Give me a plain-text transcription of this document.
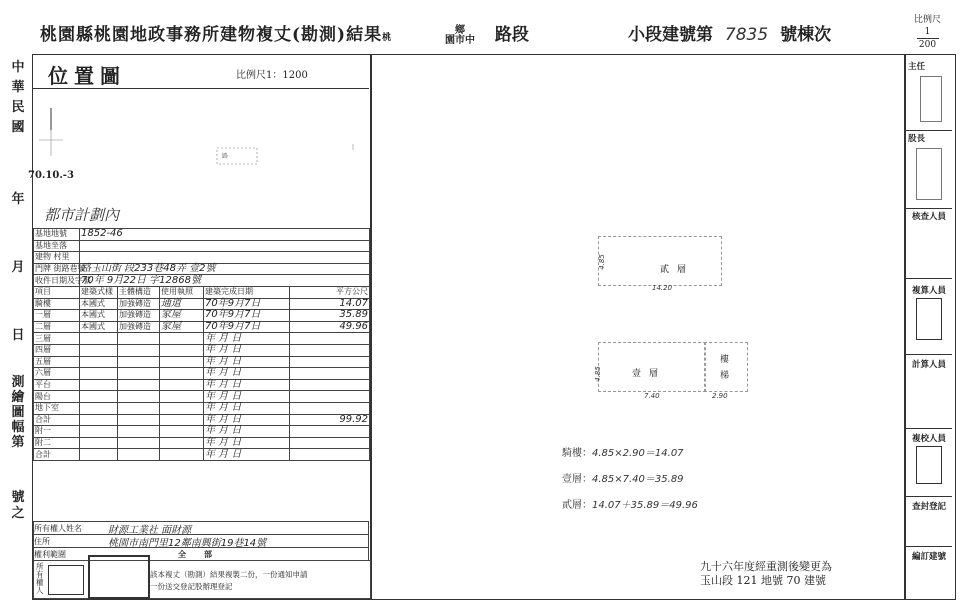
桃園縣桃園地政事務所建物複丈(勘測)結果桃
鄉
園市中 路段	小段建號第 7835 號棟次
比例尺
1
200
中華民國
70.10.-3
年
月
日
測繪圖幅第
號之
位置圖	比例尺1：1200
路
都市計劃內
基地地號	1852-46				
基地坐落					
建物 村里					
門牌 街路巷號	路玉山街 段233巷48弄 壹2號				
收件日期及字號	70年 9月22日 字12868號				
項目	建築式樣	主體構造	使用執照	建築完成日期	平方公尺
騎樓	本國式	加強磚造	通道	70年9月7日	14.07
一層	本國式	加強磚造	家屋	70年9月7日	35.89
二層	本國式	加強磚造	家屋	70年9月7日	49.96
三層				年 月 日	
四層				年 月 日	
五層				年 月 日	
六層				年 月 日	
平台				年 月 日	
陽台				年 月 日	
地下室				年 月 日	
合計				年 月 日	99.92
附一				年 月 日	
附二				年 月 日	
合計				年 月 日	
所有權人姓名	財源工業社 面財源
住所	桃園市南門里12鄰南興街19巷14號
權利範圍	全部
所有權人
該本複丈（勘測）結果複製二份，一份通知申請
一份送交登記股辦理登記
貳層
4.85
14.20
壹層
樓梯
4.85
7.40	2.90
騎樓：4.85×2.90＝14.07
壹層：4.85×7.40＝35.89
貳層：14.07＋35.89＝49.96
九十六年度經重測後變更為
玉山段 121 地號 70 建號
主任
股長
核查人員
複算人員
計算人員
複校人員
查封登記
編訂建號
